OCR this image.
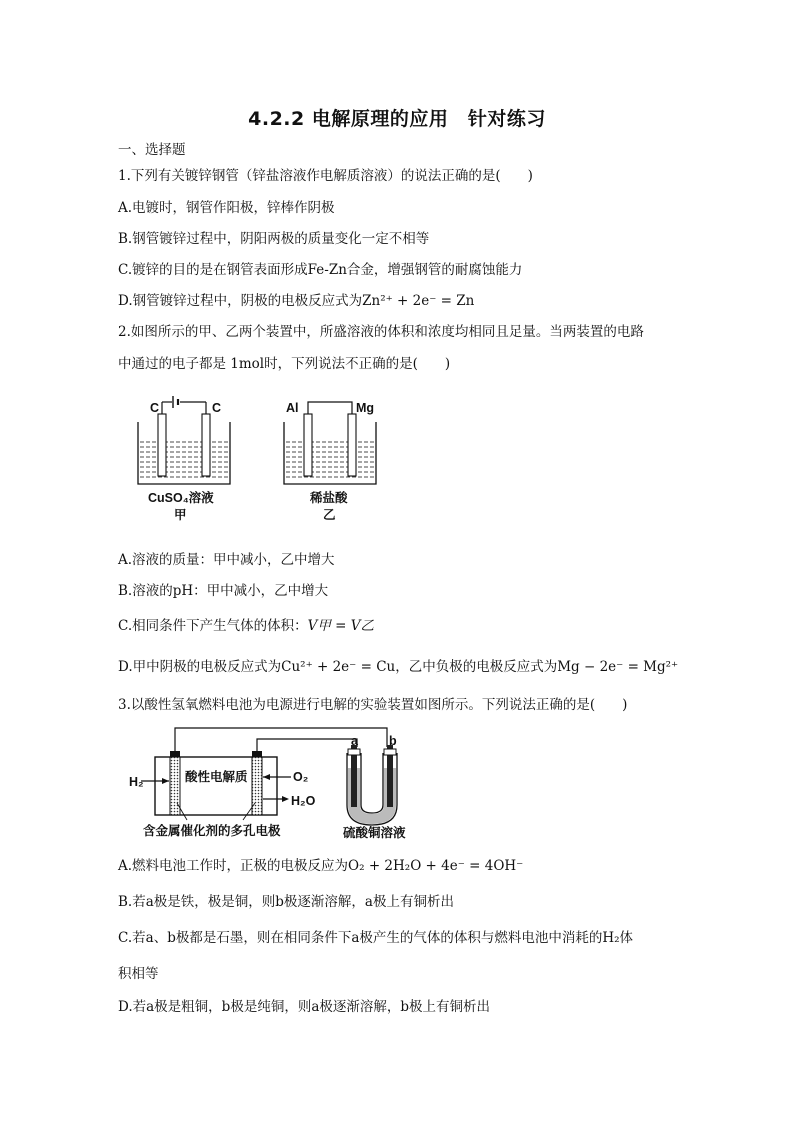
4.2.2 电解原理的应用　针对练习
一、选择题
1.下列有关镀锌钢管（锌盐溶液作电解质溶液）的说法正确的是(　　)
A.电镀时，钢管作阳极，锌棒作阴极
B.钢管镀锌过程中，阴阳两极的质量变化一定不相等
C.镀锌的目的是在钢管表面形成Fe-Zn合金，增强钢管的耐腐蚀能力
D.钢管镀锌过程中，阴极的电极反应式为Zn²⁺ + 2e⁻ = Zn
2.如图所示的甲、乙两个装置中，所盛溶液的体积和浓度均相同且足量。当两装置的电路
中通过的电子都是 1mol时，下列说法不正确的是(　　)
C	C
CuSO₄溶液
甲
Al	Mg
稀盐酸
乙
A.溶液的质量：甲中减小，乙中增大
B.溶液的pH：甲中减小，乙中增大
C.相同条件下产生气体的体积：V甲 = V乙
D.甲中阴极的电极反应式为Cu²⁺ + 2e⁻ = Cu，乙中负极的电极反应式为Mg − 2e⁻ = Mg²⁺
3.以酸性氢氧燃料电池为电源进行电解的实验装置如图所示。下列说法正确的是(　　)
H₂	O₂
H₂O
酸性电解质
含金属催化剂的多孔电极
a b
硫酸铜溶液
A.燃料电池工作时，正极的电极反应为O₂ + 2H₂O + 4e⁻ = 4OH⁻
B.若a极是铁，极是铜，则b极逐渐溶解，a极上有铜析出
C.若a、b极都是石墨，则在相同条件下a极产生的气体的体积与燃料电池中消耗的H₂体
积相等
D.若a极是粗铜，b极是纯铜，则a极逐渐溶解，b极上有铜析出
